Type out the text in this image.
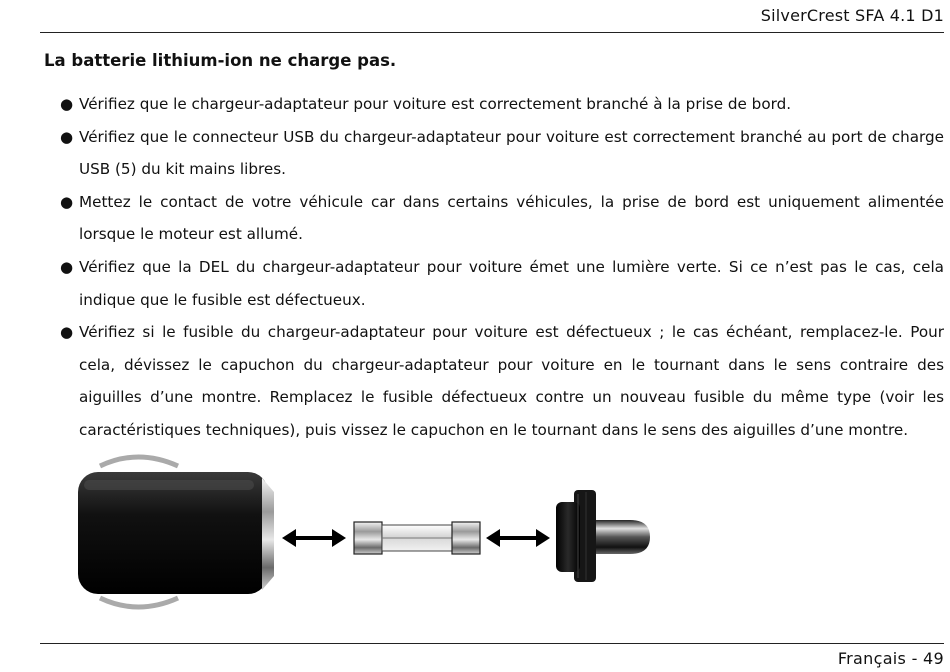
SilverCrest SFA 4.1 D1
La batterie lithium-ion ne charge pas.
● Vérifiez que le chargeur-adaptateur pour voiture est correctement branché à la prise de bord.
● Vérifiez que le connecteur USB du chargeur-adaptateur pour voiture est correctement branché au port de charge USB (5) du kit mains libres.
● Mettez le contact de votre véhicule car dans certains véhicules, la prise de bord est uniquement alimentée lorsque le moteur est allumé.
● Vérifiez que la DEL du chargeur-adaptateur pour voiture émet une lumière verte. Si ce n’est pas le cas, cela indique que le fusible est défectueux.
● Vérifiez si le fusible du chargeur-adaptateur pour voiture est défectueux ; le cas échéant, remplacez-le. Pour cela, dévissez le capuchon du chargeur-adaptateur pour voiture en le tournant dans le sens contraire des aiguilles d’une montre. Remplacez le fusible défectueux contre un nouveau fusible du même type (voir les caractéristiques techniques), puis vissez le capuchon en le tournant dans le sens des aiguilles d’une montre.
Français - 49
